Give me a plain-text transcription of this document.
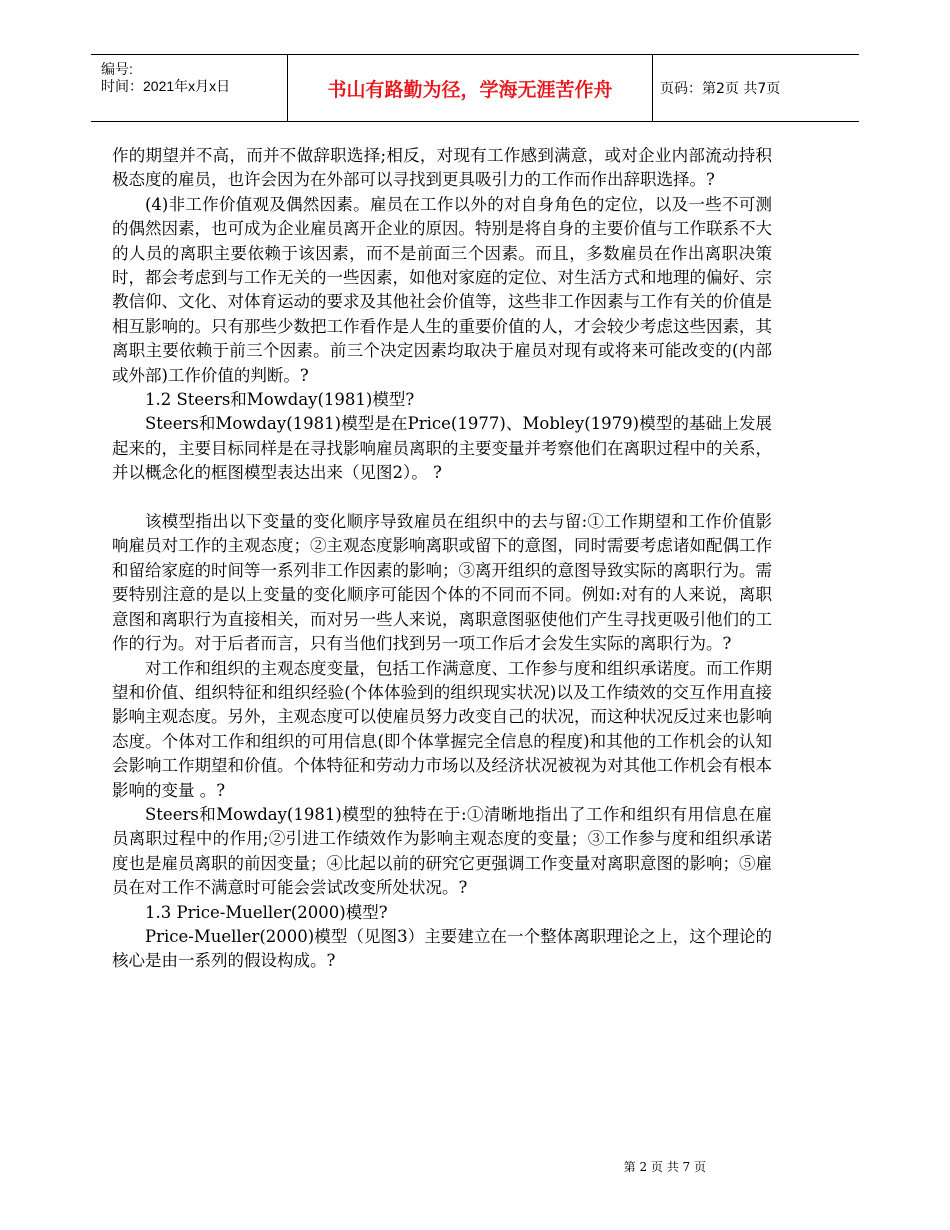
编号:
时间：2021年x月x日	书山有路勤为径，学海无涯苦作舟	页码：第2页 共7页

作的期望并不高，而并不做辞职选择;相反，对现有工作感到满意，或对企业内部流动持积极态度的雇员，也许会因为在外部可以寻找到更具吸引力的工作而作出辞职选择。?

(4)非工作价值观及偶然因素。雇员在工作以外的对自身角色的定位，以及一些不可测的偶然因素，也可成为企业雇员离开企业的原因。特别是将自身的主要价值与工作联系不大的人员的离职主要依赖于该因素，而不是前面三个因素。而且，多数雇员在作出离职决策时，都会考虑到与工作无关的一些因素，如他对家庭的定位、对生活方式和地理的偏好、宗教信仰、文化、对体育运动的要求及其他社会价值等，这些非工作因素与工作有关的价值是相互影响的。只有那些少数把工作看作是人生的重要价值的人，才会较少考虑这些因素，其离职主要依赖于前三个因素。前三个决定因素均取决于雇员对现有或将来可能改变的(内部或外部)工作价值的判断。?

1.2 Steers和Mowday(1981)模型?

Steers和Mowday(1981)模型是在Price(1977)、Mobley(1979)模型的基础上发展起来的，主要目标同样是在寻找影响雇员离职的主要变量并考察他们在离职过程中的关系，并以概念化的框图模型表达出来（见图2）。 ?

该模型指出以下变量的变化顺序导致雇员在组织中的去与留:①工作期望和工作价值影响雇员对工作的主观态度；②主观态度影响离职或留下的意图，同时需要考虑诸如配偶工作和留给家庭的时间等一系列非工作因素的影响；③离开组织的意图导致实际的离职行为。需要特别注意的是以上变量的变化顺序可能因个体的不同而不同。例如:对有的人来说，离职意图和离职行为直接相关，而对另一些人来说，离职意图驱使他们产生寻找更吸引他们的工作的行为。对于后者而言，只有当他们找到另一项工作后才会发生实际的离职行为。?

对工作和组织的主观态度变量，包括工作满意度、工作参与度和组织承诺度。而工作期望和价值、组织特征和组织经验(个体体验到的组织现实状况)以及工作绩效的交互作用直接影响主观态度。另外，主观态度可以使雇员努力改变自己的状况，而这种状况反过来也影响态度。个体对工作和组织的可用信息(即个体掌握完全信息的程度)和其他的工作机会的认知会影响工作期望和价值。个体特征和劳动力市场以及经济状况被视为对其他工作机会有根本影响的变量 。?

Steers和Mowday(1981)模型的独特在于:①清晰地指出了工作和组织有用信息在雇员离职过程中的作用;②引进工作绩效作为影响主观态度的变量；③工作参与度和组织承诺度也是雇员离职的前因变量；④比起以前的研究它更强调工作变量对离职意图的影响；⑤雇员在对工作不满意时可能会尝试改变所处状况。?

1.3 Price-Mueller(2000)模型?

Price-Mueller(2000)模型（见图3）主要建立在一个整体离职理论之上，这个理论的核心是由一系列的假设构成。?

第 2 页 共 7 页
